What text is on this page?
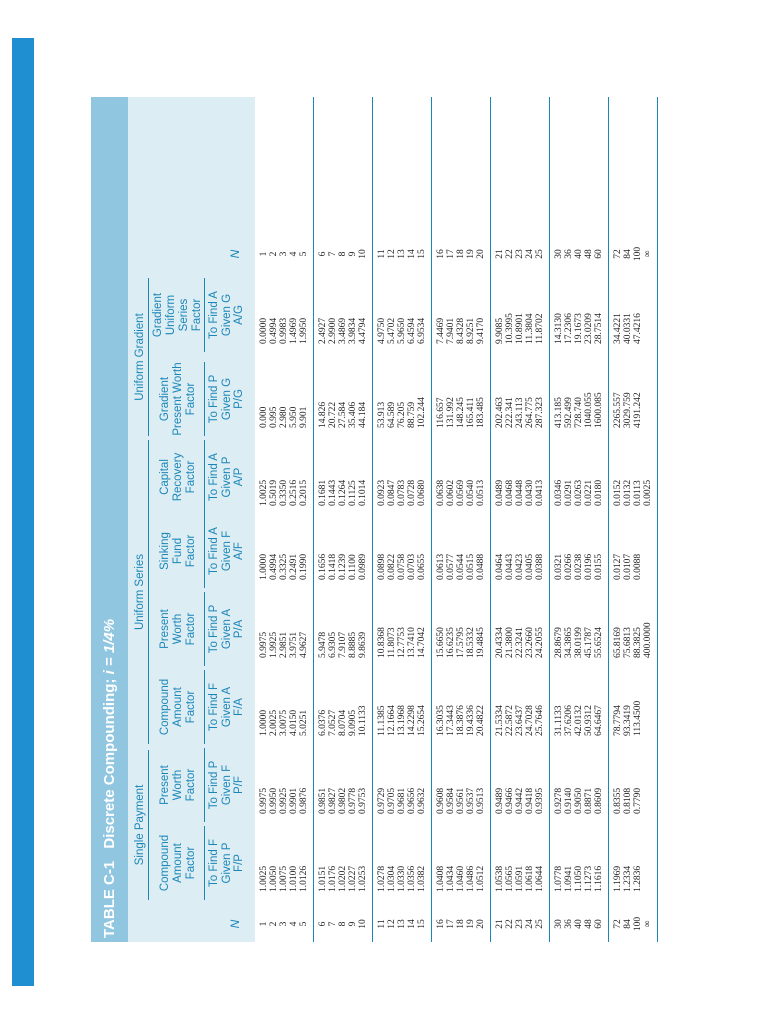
TABLE C-1 Discrete Compounding; i = 1/4%
Single Payment
Uniform Series
Uniform Gradient
Compound
Amount
Factor
To Find F
Given P
F/P
Present
Worth
Factor
To Find P
Given F
P/F
Compound
Amount
Factor
To Find F
Given A
F/A
Present
Worth
Factor
To Find P
Given A
P/A
Sinking
Fund
Factor
To Find A
Given F
A/F
Capital
Recovery
Factor
To Find A
Given P
A/P
Gradient
Present Worth
Factor
To Find P
Given G
P/G
Gradient
Uniform Series
Factor
To Find A
Given G
A/G
N
N
1
1.0025
0.9975
1.0000
0.9975
1.0000
1.0025
0.000
0.0000
1
2
1.0050
0.9950
2.0025
1.9925
0.4994
0.5019
0.995
0.4994
2
3
1.0075
0.9925
3.0075
2.9851
0.3325
0.3350
2.980
0.9983
3
4
1.0100
0.9901
4.0150
3.9751
0.2491
0.2516
5.950
1.4969
4
5
1.0126
0.9876
5.0251
4.9627
0.1990
0.2015
9.901
1.9950
5
6
1.0151
0.9851
6.0376
5.9478
0.1656
0.1681
14.826
2.4927
6
7
1.0176
0.9827
7.0527
6.9305
0.1418
0.1443
20.722
2.9900
7
8
1.0202
0.9802
8.0704
7.9107
0.1239
0.1264
27.584
3.4869
8
9
1.0227
0.9778
9.0905
8.8885
0.1100
0.1125
35.406
3.9834
9
10
1.0253
0.9753
10.1133
9.8639
0.0989
0.1014
44.184
4.4794
10
11
1.0278
0.9729
11.1385
10.8368
0.0898
0.0923
53.913
4.9750
11
12
1.0304
0.9705
12.1664
11.8073
0.0822
0.0847
64.589
5.4702
12
13
1.0330
0.9681
13.1968
12.7753
0.0758
0.0783
76.205
5.9650
13
14
1.0356
0.9656
14.2298
13.7410
0.0703
0.0728
88.759
6.4594
14
15
1.0382
0.9632
15.2654
14.7042
0.0655
0.0680
102.244
6.9534
15
16
1.0408
0.9608
16.3035
15.6650
0.0613
0.0638
116.657
7.4469
16
17
1.0434
0.9584
17.3443
16.6235
0.0577
0.0602
131.992
7.9401
17
18
1.0460
0.9561
18.3876
17.5795
0.0544
0.0569
148.245
8.4328
18
19
1.0486
0.9537
19.4336
18.5332
0.0515
0.0540
165.411
8.9251
19
20
1.0512
0.9513
20.4822
19.4845
0.0488
0.0513
183.485
9.4170
20
21
1.0538
0.9489
21.5334
20.4334
0.0464
0.0489
202.463
9.9085
21
22
1.0565
0.9466
22.5872
21.3800
0.0443
0.0468
222.341
10.3995
22
23
1.0591
0.9442
23.6437
22.3241
0.0423
0.0448
243.113
10.8901
23
24
1.0618
0.9418
24.7028
23.2660
0.0405
0.0430
264.775
11.3804
24
25
1.0644
0.9395
25.7646
24.2055
0.0388
0.0413
287.323
11.8702
25
30
1.0778
0.9278
31.1133
28.8679
0.0321
0.0346
413.185
14.3130
30
36
1.0941
0.9140
37.6206
34.3865
0.0266
0.0291
592.499
17.2306
36
40
1.1050
0.9050
42.0132
38.0199
0.0238
0.0263
728.740
19.1673
40
48
1.1273
0.8871
50.9312
45.1787
0.0196
0.0221
1040.055
23.0209
48
60
1.1616
0.8609
64.6467
55.6524
0.0155
0.0180
1600.085
28.7514
60
72
1.1969
0.8355
78.7794
65.8169
0.0127
0.0152
2265.557
34.4221
72
84
1.2334
0.8108
93.3419
75.6813
0.0107
0.0132
3029.759
40.0331
84
100
1.2836
0.7790
113.4500
88.3825
0.0088
0.0113
4191.242
47.4216
100
∞
400.0000
0.0025
∞
